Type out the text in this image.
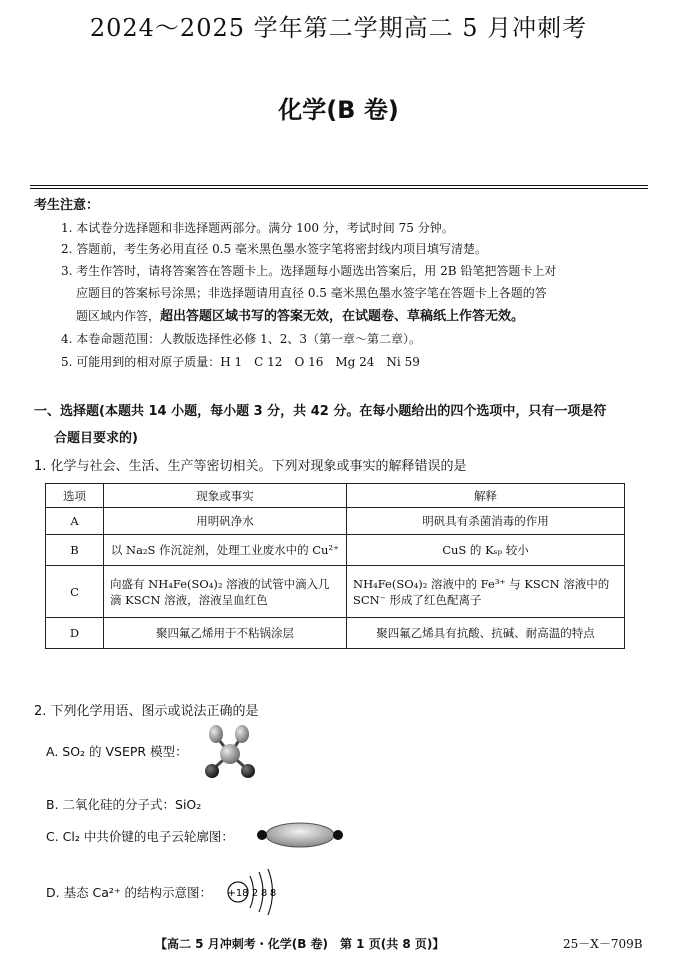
2024～2025 学年第二学期高二 5 月冲刺考
化学(B 卷)
考生注意：
1. 本试卷分选择题和非选择题两部分。满分 100 分，考试时间 75 分钟。
2. 答题前，考生务必用直径 0.5 毫米黑色墨水签字笔将密封线内项目填写清楚。
3. 考生作答时，请将答案答在答题卡上。选择题每小题选出答案后，用 2B 铅笔把答题卡上对
应题目的答案标号涂黑；非选择题请用直径 0.5 毫米黑色墨水签字笔在答题卡上各题的答
题区域内作答，超出答题区域书写的答案无效，在试题卷、草稿纸上作答无效。
4. 本卷命题范围：人教版选择性必修 1、2、3（第一章～第二章）。
5. 可能用到的相对原子质量：H 1　C 12　O 16　Mg 24　Ni 59
一、选择题(本题共 14 小题，每小题 3 分，共 42 分。在每小题给出的四个选项中，只有一项是符
合题目要求的)
1. 化学与社会、生活、生产等密切相关。下列对现象或事实的解释错误的是
选项	现象或事实	解释
A	用明矾净水	明矾具有杀菌消毒的作用
B	以 Na₂S 作沉淀剂，处理工业废水中的 Cu²⁺	CuS 的 Kₛₚ 较小
C	向盛有 NH₄Fe(SO₄)₂ 溶液的试管中滴入几滴 KSCN 溶液，溶液呈血红色	NH₄Fe(SO₄)₂ 溶液中的 Fe³⁺ 与 KSCN 溶液中的 SCN⁻ 形成了红色配离子
D	聚四氟乙烯用于不粘锅涂层	聚四氟乙烯具有抗酸、抗碱、耐高温的特点
2. 下列化学用语、图示或说法正确的是
A. SO₂ 的 VSEPR 模型：
B. 二氧化硅的分子式：SiO₂
C. Cl₂ 中共价键的电子云轮廓图：
D. 基态 Ca²⁺ 的结构示意图： +18 2 8 8
【高二 5 月冲刺考・化学(B 卷)　第 1 页(共 8 页)】	25－X－709B
